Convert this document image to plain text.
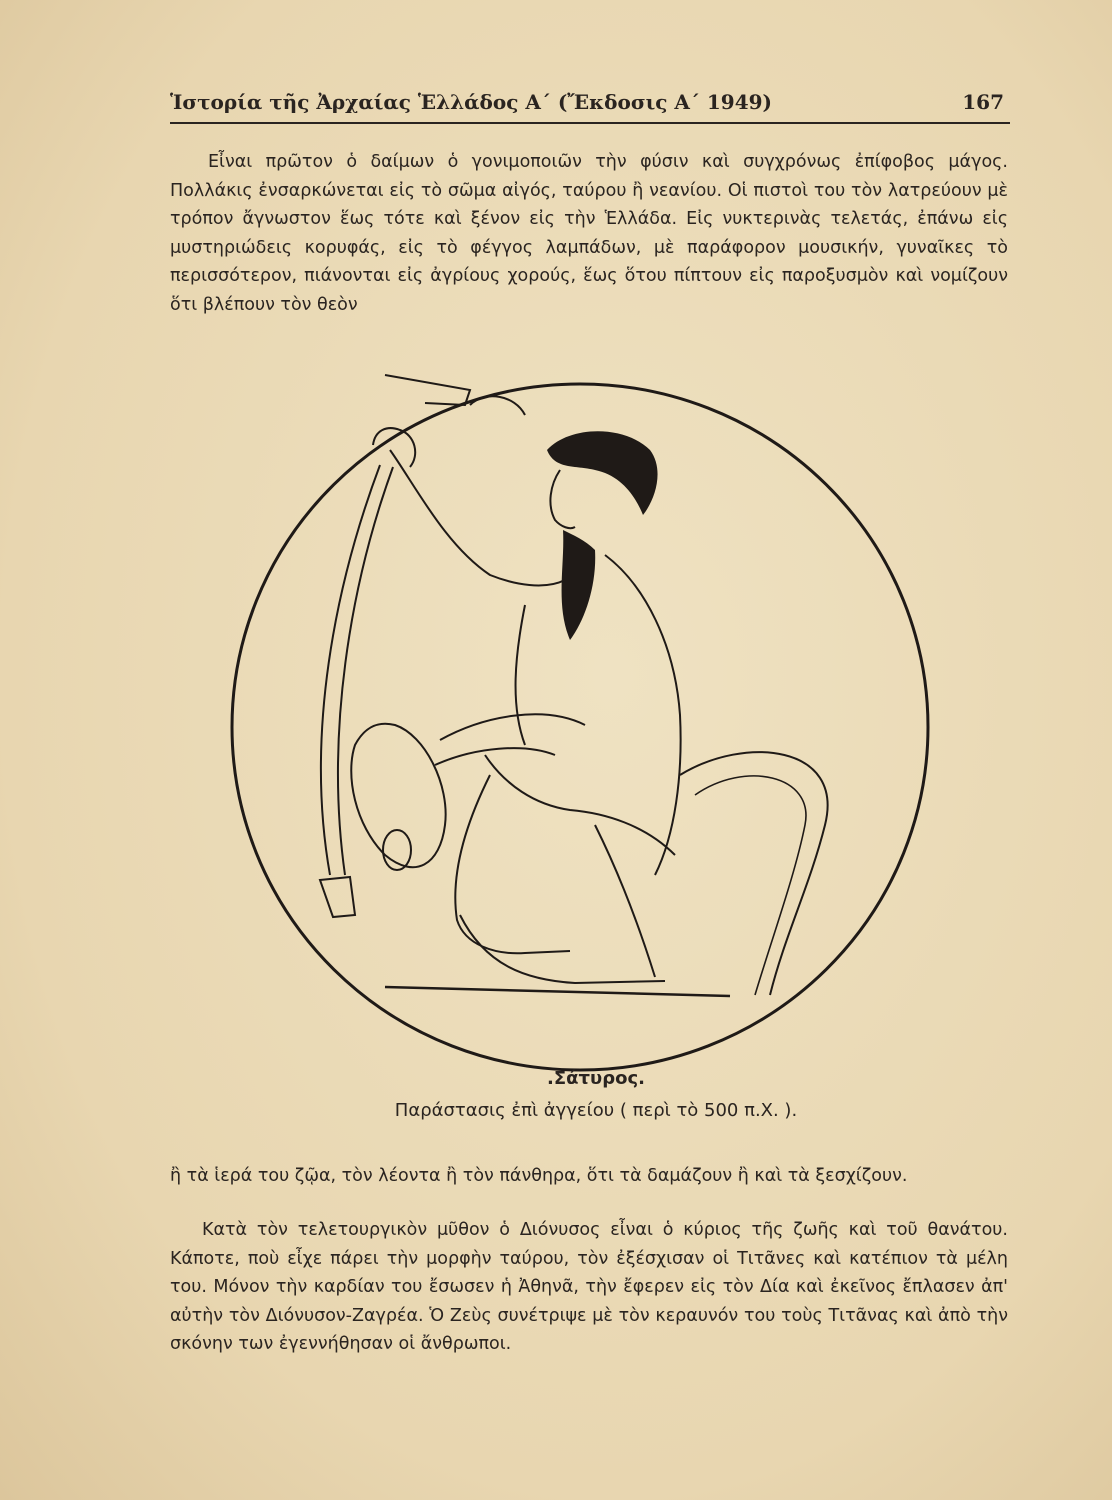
Ἱστορία τῆς Ἀρχαίας Ἑλλάδος Α΄ (Ἔκδοσις Α΄ 1949)	167
Εἶναι πρῶτον ὁ δαίμων ὁ γονιμοποιῶν τὴν φύσιν καὶ συγχρόνως ἐπίφοβος μάγος. Πολλάκις ἐνσαρκώνεται εἰς τὸ σῶμα αἰγός, ταύρου ἢ νεανίου. Οἱ πιστοὶ του τὸν λατρεύουν μὲ τρόπον ἄγνωστον ἕως τότε καὶ ξένον εἰς τὴν Ἑλλάδα. Εἰς νυκτερινὰς τελετάς, ἐπάνω εἰς μυστηριώδεις κορυφάς, εἰς τὸ φέγγος λαμπάδων, μὲ παράφορον μουσικήν, γυναῖκες τὸ περισσότερον, πιάνονται εἰς ἀγρίους χορούς, ἕως ὅτου πίπτουν εἰς παροξυσμὸν καὶ νομίζουν ὅτι βλέπουν τὸν θεὸν
.Σάτυρος.
Παράστασις ἐπὶ ἀγγείου ( περὶ τὸ 500 π.Χ. ).
ἢ τὰ ἱερά του ζῷα, τὸν λέοντα ἢ τὸν πάνθηρα, ὅτι τὰ δαμάζουν ἢ καὶ τὰ ξεσχίζουν.
Κατὰ τὸν τελετουργικὸν μῦθον ὁ Διόνυσος εἶναι ὁ κύριος τῆς ζωῆς καὶ τοῦ θανάτου. Κάποτε, ποὺ εἶχε πάρει τὴν μορφὴν ταύρου, τὸν ἐξέσχισαν οἱ Τιτᾶνες καὶ κατέπιον τὰ μέλη του. Μόνον τὴν καρδίαν του ἔσωσεν ἡ Ἀθηνᾶ, τὴν ἔφερεν εἰς τὸν Δία καὶ ἐκεῖνος ἔπλασεν ἀπ' αὐτὴν τὸν Διόνυσον-Ζαγρέα. Ὁ Ζεὺς συνέτριψε μὲ τὸν κεραυνόν του τοὺς Τιτᾶνας καὶ ἀπὸ τὴν σκόνην των ἐγεννήθησαν οἱ ἄνθρωποι.
